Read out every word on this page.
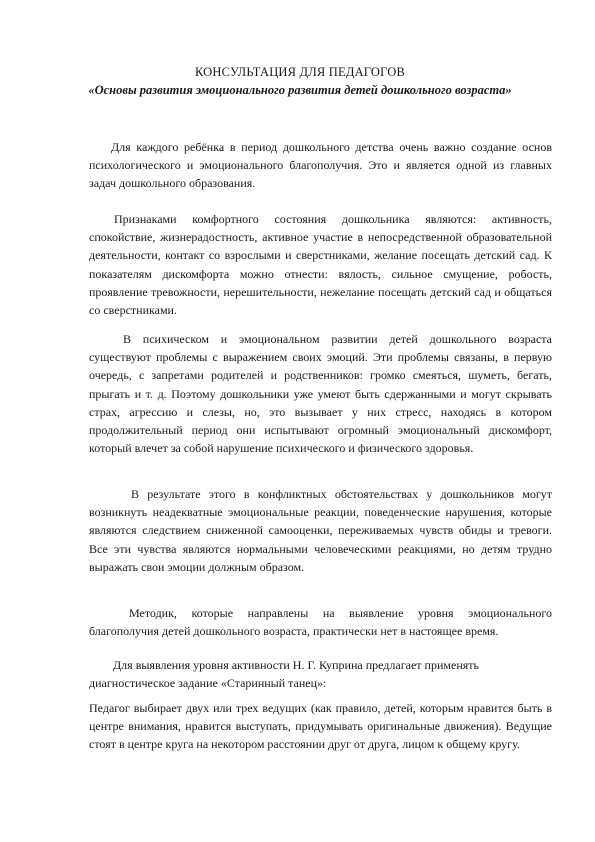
КОНСУЛЬТАЦИЯ ДЛЯ ПЕДАГОГОВ
«Основы развития эмоционального развития детей дошкольного возраста»

Для каждого ребёнка в период дошкольного детства очень важно создание основ психологического и эмоционального благополучия. Это и является одной из главных задач дошкольного образования.

Признаками комфортного состояния дошкольника являются: активность, спокойствие, жизнерадостность, активное участие в непосредственной образовательной деятельности, контакт со взрослыми и сверстниками, желание посещать детский сад. К показателям дискомфорта можно отнести: вялость, сильное смущение, робость, проявление тревожности, нерешительности, нежелание посещать детский сад и общаться со сверстниками.

В психическом и эмоциональном развитии детей дошкольного возраста существуют проблемы с выражением своих эмоций. Эти проблемы связаны, в первую очередь, с запретами родителей и родственников: громко смеяться, шуметь, бегать, прыгать и т. д. Поэтому дошкольники уже умеют быть сдержанными и могут скрывать страх, агрессию и слезы, но, это вызывает у них стресс, находясь в котором продолжительный период они испытывают огромный эмоциональный дискомфорт, который влечет за собой нарушение психического и физического здоровья.

В результате этого в конфликтных обстоятельствах у дошкольников могут возникнуть неадекватные эмоциональные реакции, поведенческие нарушения, которые являются следствием сниженной самооценки, переживаемых чувств обиды и тревоги. Все эти чувства являются нормальными человеческими реакциями, но детям трудно выражать свои эмоции должным образом.

Методик, которые направлены на выявление уровня эмоционального благополучия детей дошкольного возраста, практически нет в настоящее время.

Для выявления уровня активности Н. Г. Куприна предлагает применять диагностическое задание «Старинный танец»:

Педагог выбирает двух или трех ведущих (как правило, детей, которым нравится быть в центре внимания, нравится выступать, придумывать оригинальные движения). Ведущие стоят в центре круга на некотором расстоянии друг от друга, лицом к общему кругу.
